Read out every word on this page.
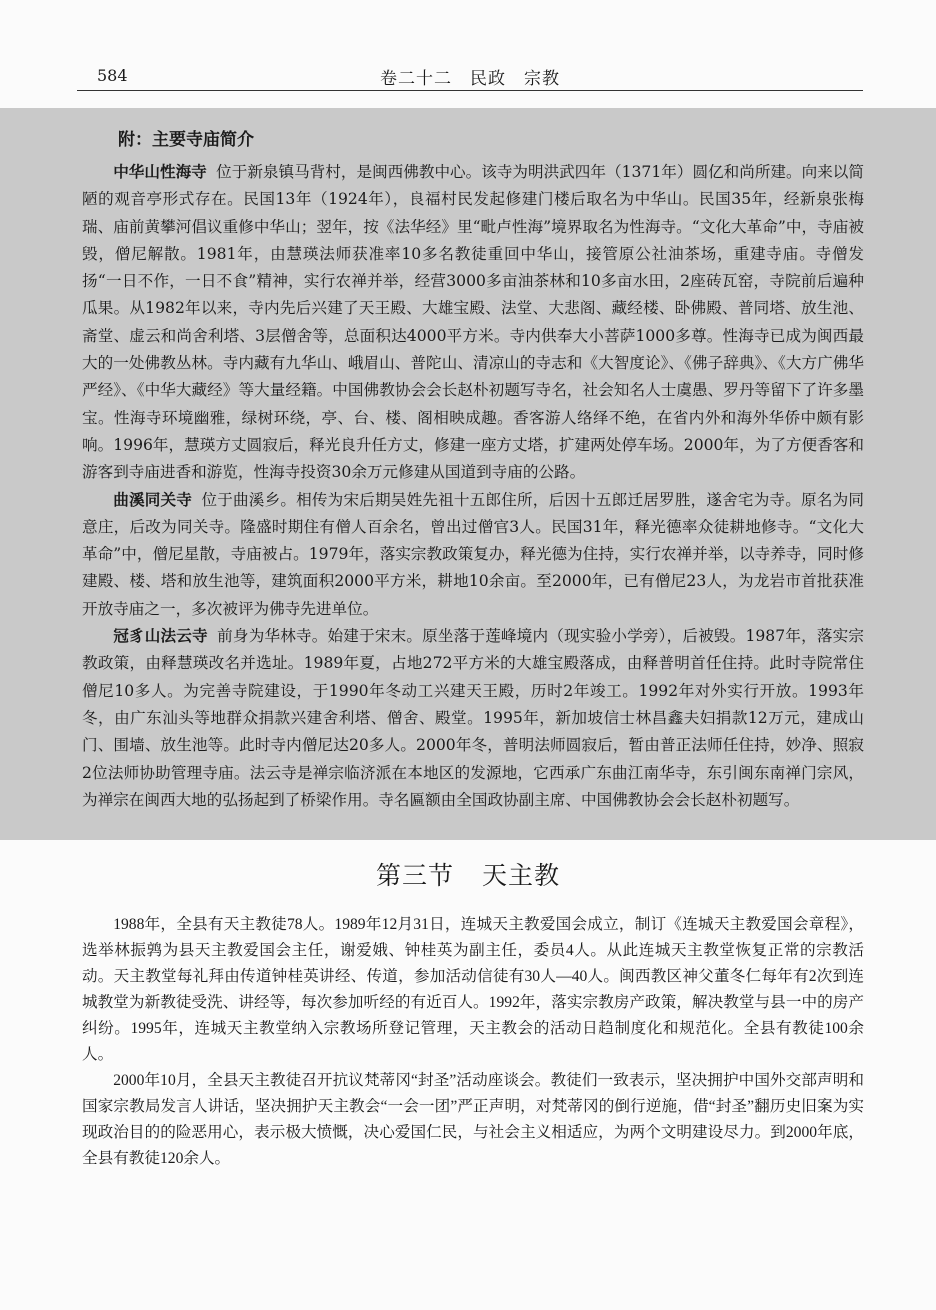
584	卷二十二　民政　宗教
附：主要寺庙简介

中华山性海寺 位于新泉镇马背村，是闽西佛教中心。该寺为明洪武四年（1371年）圆亿和尚所建。向来以简陋的观音亭形式存在。民国13年（1924年），良福村民发起修建门楼后取名为中华山。民国35年，经新泉张梅瑞、庙前黄攀河倡议重修中华山；翌年，按《法华经》里“毗卢性海”境界取名为性海寺。“文化大革命”中，寺庙被毁，僧尼解散。1981年，由慧瑛法师获准率10多名教徒重回中华山，接管原公社油茶场，重建寺庙。寺僧发扬“一日不作，一日不食”精神，实行农禅并举，经营3000多亩油茶林和10多亩水田，2座砖瓦窑，寺院前后遍种瓜果。从1982年以来，寺内先后兴建了天王殿、大雄宝殿、法堂、大悲阁、藏经楼、卧佛殿、普同塔、放生池、斋堂、虚云和尚舍利塔、3层僧舍等，总面积达4000平方米。寺内供奉大小菩萨1000多尊。性海寺已成为闽西最大的一处佛教丛林。寺内藏有九华山、峨眉山、普陀山、清凉山的寺志和《大智度论》、《佛子辞典》、《大方广佛华严经》、《中华大藏经》等大量经籍。中国佛教协会会长赵朴初题写寺名，社会知名人士虞愚、罗丹等留下了许多墨宝。性海寺环境幽雅，绿树环绕，亭、台、楼、阁相映成趣。香客游人络绎不绝，在省内外和海外华侨中颇有影响。1996年，慧瑛方丈圆寂后，释光良升任方丈，修建一座方丈塔，扩建两处停车场。2000年，为了方便香客和游客到寺庙进香和游览，性海寺投资30余万元修建从国道到寺庙的公路。

曲溪同关寺 位于曲溪乡。相传为宋后期吴姓先祖十五郎住所，后因十五郎迁居罗胜，遂舍宅为寺。原名为同意庄，后改为同关寺。隆盛时期住有僧人百余名，曾出过僧官3人。民国31年，释光德率众徒耕地修寺。“文化大革命”中，僧尼星散，寺庙被占。1979年，落实宗教政策复办，释光德为住持，实行农禅并举，以寺养寺，同时修建殿、楼、塔和放生池等，建筑面积2000平方米，耕地10余亩。至2000年，已有僧尼23人，为龙岩市首批获准开放寺庙之一，多次被评为佛寺先进单位。

冠豸山法云寺 前身为华林寺。始建于宋末。原坐落于莲峰境内（现实验小学旁），后被毁。1987年，落实宗教政策，由释慧瑛改名并选址。1989年夏，占地272平方米的大雄宝殿落成，由释普明首任住持。此时寺院常住僧尼10多人。为完善寺院建设，于1990年冬动工兴建天王殿，历时2年竣工。1992年对外实行开放。1993年冬，由广东汕头等地群众捐款兴建舍利塔、僧舍、殿堂。1995年，新加坡信士林昌鑫夫妇捐款12万元，建成山门、围墙、放生池等。此时寺内僧尼达20多人。2000年冬，普明法师圆寂后，暂由普正法师任住持，妙净、照寂2位法师协助管理寺庙。法云寺是禅宗临济派在本地区的发源地，它西承广东曲江南华寺，东引闽东南禅门宗风，为禅宗在闽西大地的弘扬起到了桥梁作用。寺名匾额由全国政协副主席、中国佛教协会会长赵朴初题写。

第三节 天主教

1988年，全县有天主教徒78人。1989年12月31日，连城天主教爱国会成立，制订《连城天主教爱国会章程》，选举林振鹑为县天主教爱国会主任，谢爱娥、钟桂英为副主任，委员4人。从此连城天主教堂恢复正常的宗教活动。天主教堂每礼拜由传道钟桂英讲经、传道，参加活动信徒有30人—40人。闽西教区神父董冬仁每年有2次到连城教堂为新教徒受洗、讲经等，每次参加听经的有近百人。1992年，落实宗教房产政策，解决教堂与县一中的房产纠纷。1995年，连城天主教堂纳入宗教场所登记管理，天主教会的活动日趋制度化和规范化。全县有教徒100余人。

2000年10月，全县天主教徒召开抗议梵蒂冈“封圣”活动座谈会。教徒们一致表示，坚决拥护中国外交部声明和国家宗教局发言人讲话，坚决拥护天主教会“一会一团”严正声明，对梵蒂冈的倒行逆施，借“封圣”翻历史旧案为实现政治目的的险恶用心，表示极大愤慨，决心爱国仁民，与社会主义相适应，为两个文明建设尽力。到2000年底，全县有教徒120余人。
